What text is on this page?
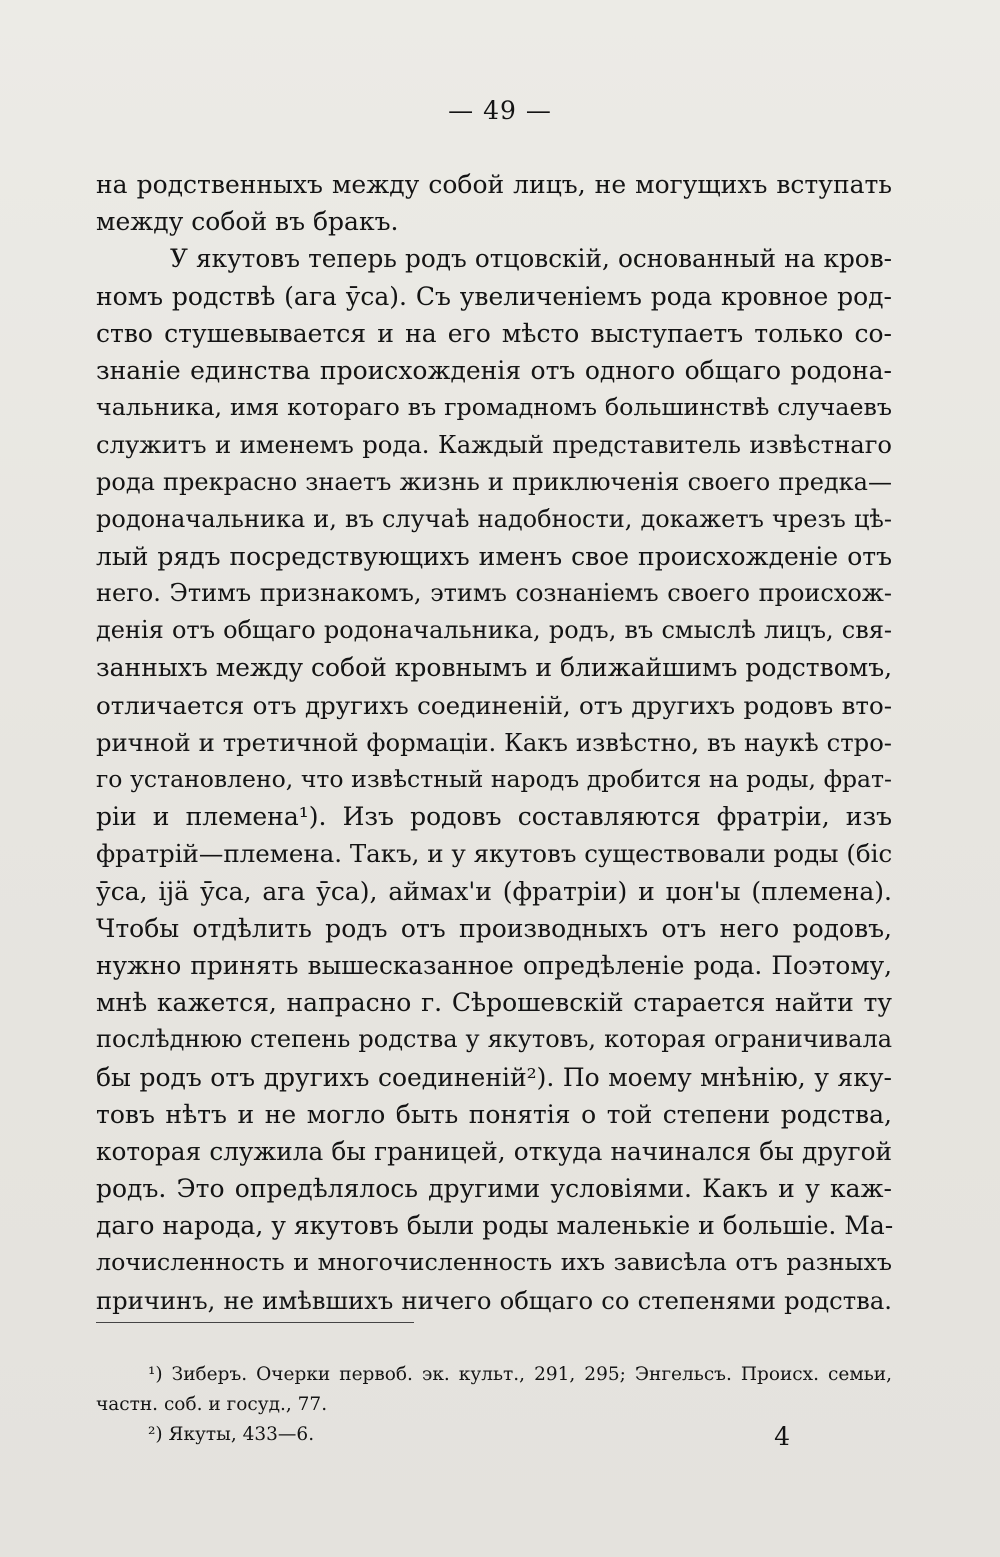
— 49 —
на родственныхъ между собой лицъ, не могущихъ вступать
между собой въ бракъ.
У якутовъ теперь родъ отцовскій, основанный на кров-
номъ родствѣ (ага ӯса). Съ увеличеніемъ рода кровное род-
ство стушевывается и на его мѣсто выступаетъ только со-
знаніе единства происхожденія отъ одного общаго родона-
чальника, имя котораго въ громадномъ большинствѣ случаевъ
служитъ и именемъ рода. Каждый представитель извѣстнаго
рода прекрасно знаетъ жизнь и приключенія своего предка—
родоначальника и, въ случаѣ надобности, докажетъ чрезъ цѣ-
лый рядъ посредствующихъ именъ свое происхожденіе отъ
него. Этимъ признакомъ, этимъ сознаніемъ своего происхож-
денія отъ общаго родоначальника, родъ, въ смыслѣ лицъ, свя-
занныхъ между собой кровнымъ и ближайшимъ родствомъ,
отличается отъ другихъ соединеній, отъ другихъ родовъ вто-
ричной и третичной формаціи. Какъ извѣстно, въ наукѣ стро-
го установлено, что извѣстный народъ дробится на роды, фрат-
ріи и племена¹). Изъ родовъ составляются фратріи, изъ
фратрій—племена. Такъ, и у якутовъ существовали роды (біс
ӯса, іјä ӯса, ага ӯса), аймах'и (фратріи) и џон'ы (племена).
Чтобы отдѣлить родъ отъ производныхъ отъ него родовъ,
нужно принять вышесказанное опредѣленіе рода. Поэтому,
мнѣ кажется, напрасно г. Сѣрошевскій старается найти ту
послѣднюю степень родства у якутовъ, которая ограничивала
бы родъ отъ другихъ соединеній²). По моему мнѣнію, у яку-
товъ нѣтъ и не могло быть понятія о той степени родства,
которая служила бы границей, откуда начинался бы другой
родъ. Это опредѣлялось другими условіями. Какъ и у каж-
даго народа, у якутовъ были роды маленькіе и большіе. Ма-
лочисленность и многочисленность ихъ зависѣла отъ разныхъ
причинъ, не имѣвшихъ ничего общаго со степенями родства.
¹) Зиберъ. Очерки первоб. эк. культ., 291, 295; Энгельсъ. Происх. семьи,
частн. соб. и госуд., 77.
²) Якуты, 433—6.	4
